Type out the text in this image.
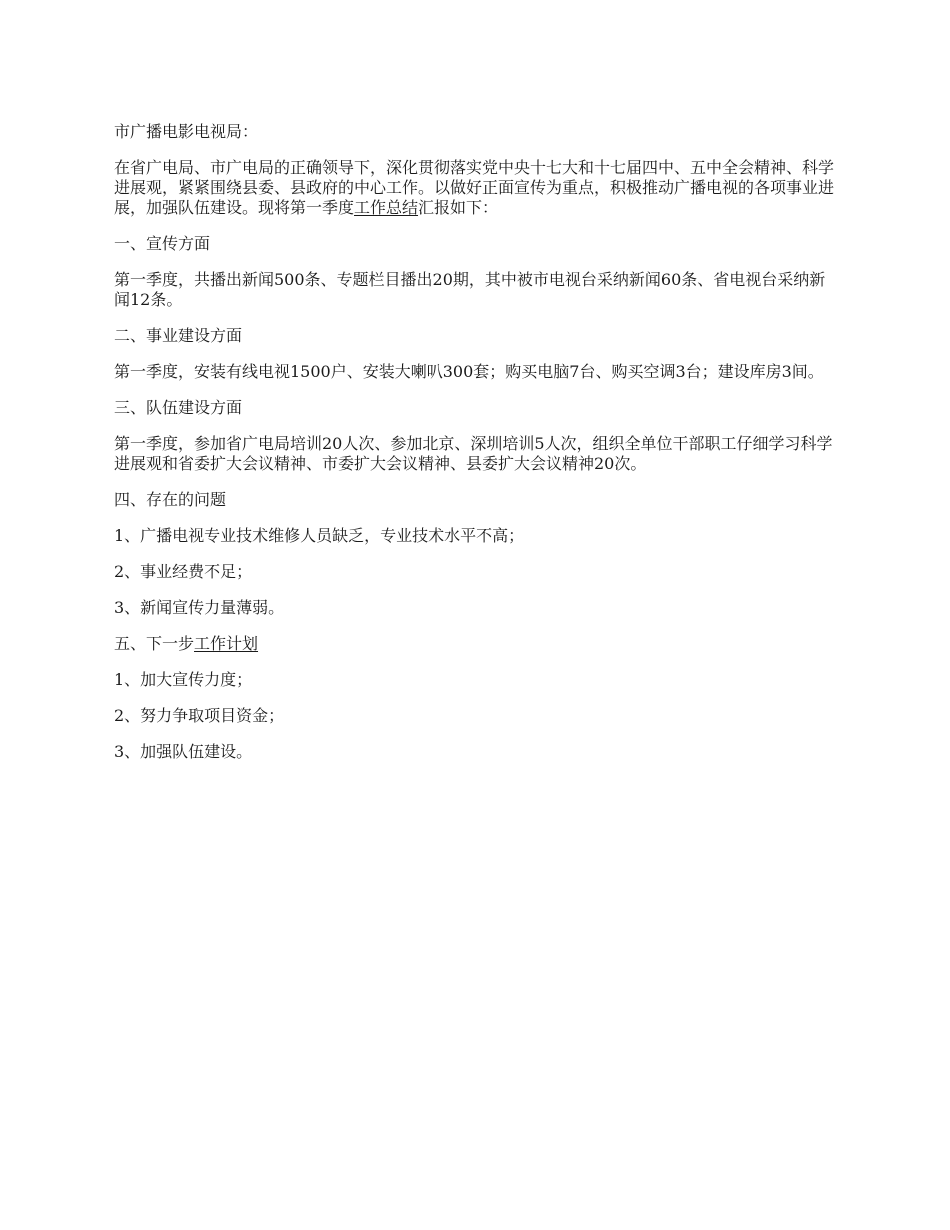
市广播电影电视局：

在省广电局、市广电局的正确领导下，深化贯彻落实党中央十七大和十七届四中、五中全会精神、科学进展观，紧紧围绕县委、县政府的中心工作。以做好正面宣传为重点，积极推动广播电视的各项事业进展，加强队伍建设。现将第一季度工作总结汇报如下：

一、宣传方面

第一季度，共播出新闻500条、专题栏目播出20期，其中被市电视台采纳新闻60条、省电视台采纳新闻12条。

二、事业建设方面

第一季度，安装有线电视1500户、安装大喇叭300套；购买电脑7台、购买空调3台；建设库房3间。

三、队伍建设方面

第一季度，参加省广电局培训20人次、参加北京、深圳培训5人次，组织全单位干部职工仔细学习科学进展观和省委扩大会议精神、市委扩大会议精神、县委扩大会议精神20次。

四、存在的问题

1、广播电视专业技术维修人员缺乏，专业技术水平不高；

2、事业经费不足；

3、新闻宣传力量薄弱。

五、下一步工作计划

1、加大宣传力度；

2、努力争取项目资金；

3、加强队伍建设。
